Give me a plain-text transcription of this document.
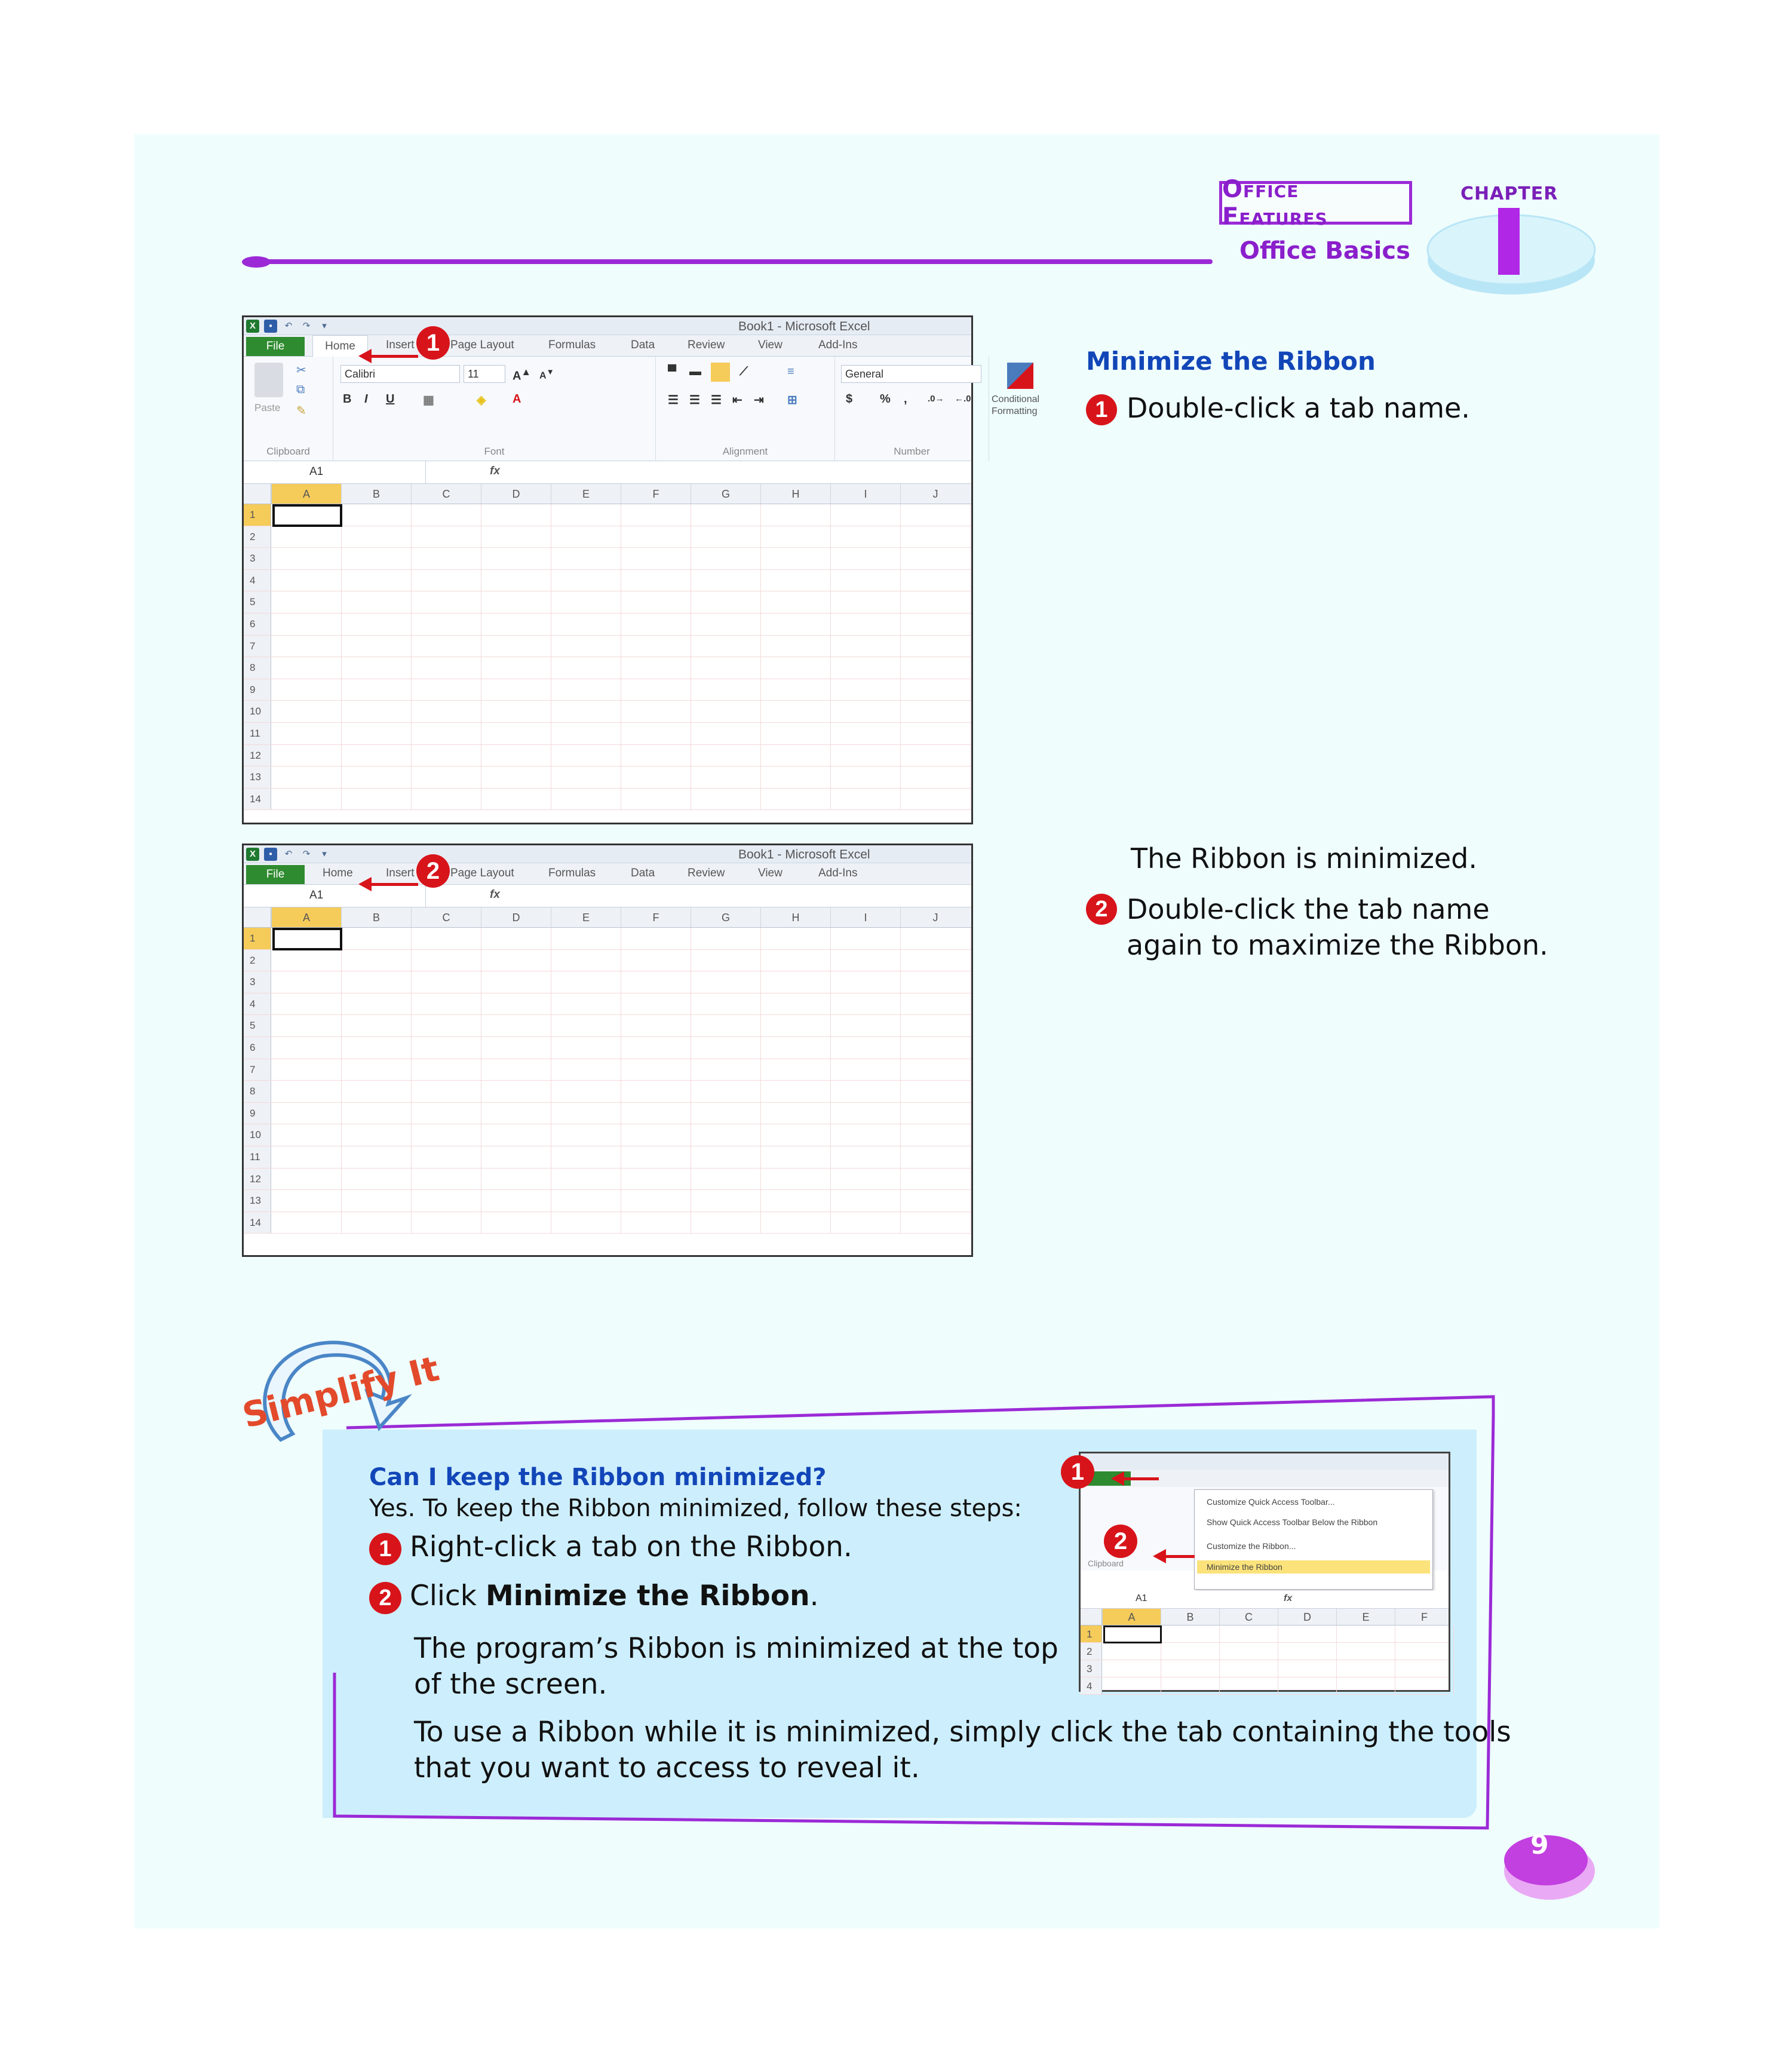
Office Features
CHAPTER
Office Basics
X	▪	↶	↷	▾	Book1 - Microsoft Excel
File	Home	Insert	Page Layout	Formulas	Data	Review	View	Add-Ins
Paste
✂
⧉
✎
Clipboard
Calibri	11	A▲ A▼
B I U ▦	◈ A
Font
▀ ▬	⟋
☰ ☰ ☰ ⇤ ⇥
≡
⊞
Alignment
General
$ % , .0→ ←.0
Number
Conditional Formatting
A1	fx
A	B	C	D	E	F	G	H	I	J
1
2
3
4
5
6
7
8
9
10
11
12
13
14
1
X	▪	↶	↷	▾	Book1 - Microsoft Excel
File	Home	Insert	Page Layout	Formulas	Data	Review	View	Add-Ins
A1	fx
A	B	C	D	E	F	G	H	I	J
1
2
3
4
5
6
7
8
9
10
11
12
13
14
2
Minimize the Ribbon
1 Double-click a tab name.
The Ribbon is minimized.
2 Double-click the tab name
again to maximize the Ribbon.
Simplify It
Can I keep the Ribbon minimized?
Yes. To keep the Ribbon minimized, follow these steps:
1 Right-click a tab on the Ribbon.
2 Click Minimize the Ribbon.
The program’s Ribbon is minimized at the top
of the screen.
To use a Ribbon while it is minimized, simply click the tab containing the tools
that you want to access to reveal it.
Clipboard
Customize Quick Access Toolbar...
Show Quick Access Toolbar Below the Ribbon
Customize the Ribbon...
Minimize the Ribbon
A1	fx
A	B	C	D	E	F
1
2
3
4
1
2
9
